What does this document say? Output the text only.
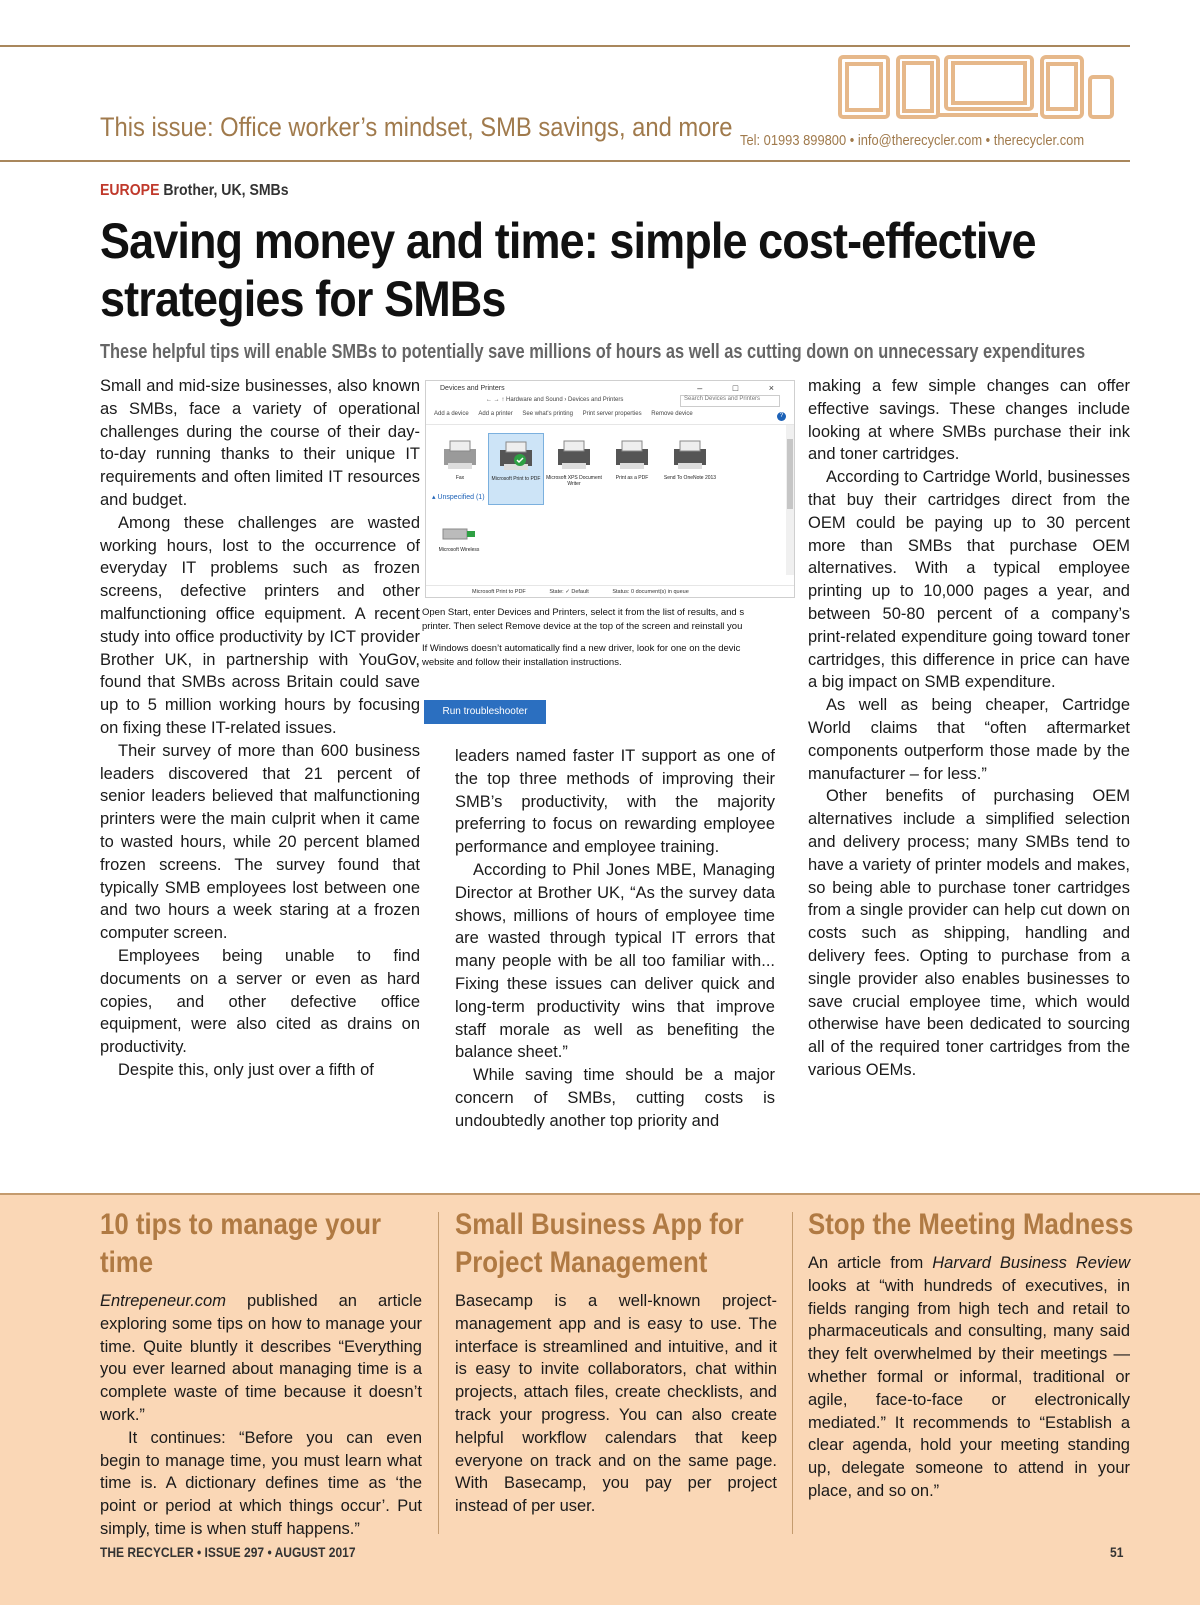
This issue: Office worker’s mindset, SMB savings, and more Tel: 01993 899800 • info@therecycler.com • therecycler.com
EUROPE Brother, UK, SMBs
Saving money and time: simple cost-effective strategies for SMBs
These helpful tips will enable SMBs to potentially save millions of hours as well as cutting down on unnecessary expenditures

Small and mid-size businesses, also known as SMBs, face a variety of operational challenges during the course of their day-to-day running thanks to their unique IT requirements and often limited IT resources and budget.

Among these challenges are wasted working hours, lost to the occurrence of everyday IT problems such as frozen screens, defective printers and other malfunctioning office equipment. A recent study into office productivity by ICT provider Brother UK, in partnership with YouGov, found that SMBs across Britain could save up to 5 million working hours by focusing on fixing these IT-related issues.

Their survey of more than 600 business leaders discovered that 21 percent of senior leaders believed that malfunctioning printers were the main culprit when it came to wasted hours, while 20 percent blamed frozen screens. The survey found that typically SMB employees lost between one and two hours a week staring at a frozen computer screen.

Employees being unable to find documents on a server or even as hard copies, and other defective office equipment, were also cited as drains on productivity.

Despite this, only just over a fifth of

Devices and Printers	– □ ×
← → ↑ Hardware and Sound › Devices and Printers	Search Devices and Printers
Add a device Add a printer See what's printing Print server properties Remove device	?
Fax	Microsoft Print to PDF	Microsoft XPS Document Writer
Print as a PDF	Send To OneNote 2013
▴ Unspecified (1)
Microsoft Wireless
Microsoft Print to PDF	State: ✓ Default	Status: 0 document(s) in queue

Open Start, enter Devices and Printers, select it from the list of results, and s
printer. Then select Remove device at the top of the screen and reinstall you

If Windows doesn’t automatically find a new driver, look for one on the devic
website and follow their installation instructions.

Run troubleshooter

leaders named faster IT support as one of the top three methods of improving their SMB’s productivity, with the majority preferring to focus on rewarding employee performance and employee training.

According to Phil Jones MBE, Managing Director at Brother UK, “As the survey data shows, millions of hours of employee time are wasted through typical IT errors that many people with be all too familiar with... Fixing these issues can deliver quick and long-term productivity wins that improve staff morale as well as benefiting the balance sheet.”

While saving time should be a major concern of SMBs, cutting costs is undoubtedly another top priority and

making a few simple changes can offer effective savings. These changes include looking at where SMBs purchase their ink and toner cartridges.

According to Cartridge World, businesses that buy their cartridges direct from the OEM could be paying up to 30 percent more than SMBs that purchase OEM alternatives. With a typical employee printing up to 10,000 pages a year, and between 50-80 percent of a company’s print-related expenditure going toward toner cartridges, this difference in price can have a big impact on SMB expenditure.

As well as being cheaper, Cartridge World claims that “often aftermarket components outperform those made by the manufacturer – for less.”

Other benefits of purchasing OEM alternatives include a simplified selection and delivery process; many SMBs tend to have a variety of printer models and makes, so being able to purchase toner cartridges from a single provider can help cut down on costs such as shipping, handling and delivery fees. Opting to purchase from a single provider also enables businesses to save crucial employee time, which would otherwise have been dedicated to sourcing all of the required toner cartridges from the various OEMs.

10 tips to manage your time

Entrepeneur.com published an article exploring some tips on how to manage your time. Quite bluntly it describes “Everything you ever learned about managing time is a complete waste of time because it doesn’t work.”

It continues: “Before you can even begin to manage time, you must learn what time is. A dictionary defines time as ‘the point or period at which things occur’. Put simply, time is when stuff happens.”

Small Business App for Project Management

Basecamp is a well-known project-management app and is easy to use. The interface is streamlined and intuitive, and it is easy to invite collaborators, chat within projects, attach files, create checklists, and track your progress. You can also create helpful workflow calendars that keep everyone on track and on the same page. With Basecamp, you pay per project instead of per user.

Stop the Meeting Madness

An article from Harvard Business Review looks at “with hundreds of executives, in fields ranging from high tech and retail to pharmaceuticals and consulting, many said they felt overwhelmed by their meetings —whether formal or informal, traditional or agile, face-to-face or electronically mediated.” It recommends to “Establish a clear agenda, hold your meeting standing up, delegate someone to attend in your place, and so on.”

THE RECYCLER • ISSUE 297 • AUGUST 2017	51
